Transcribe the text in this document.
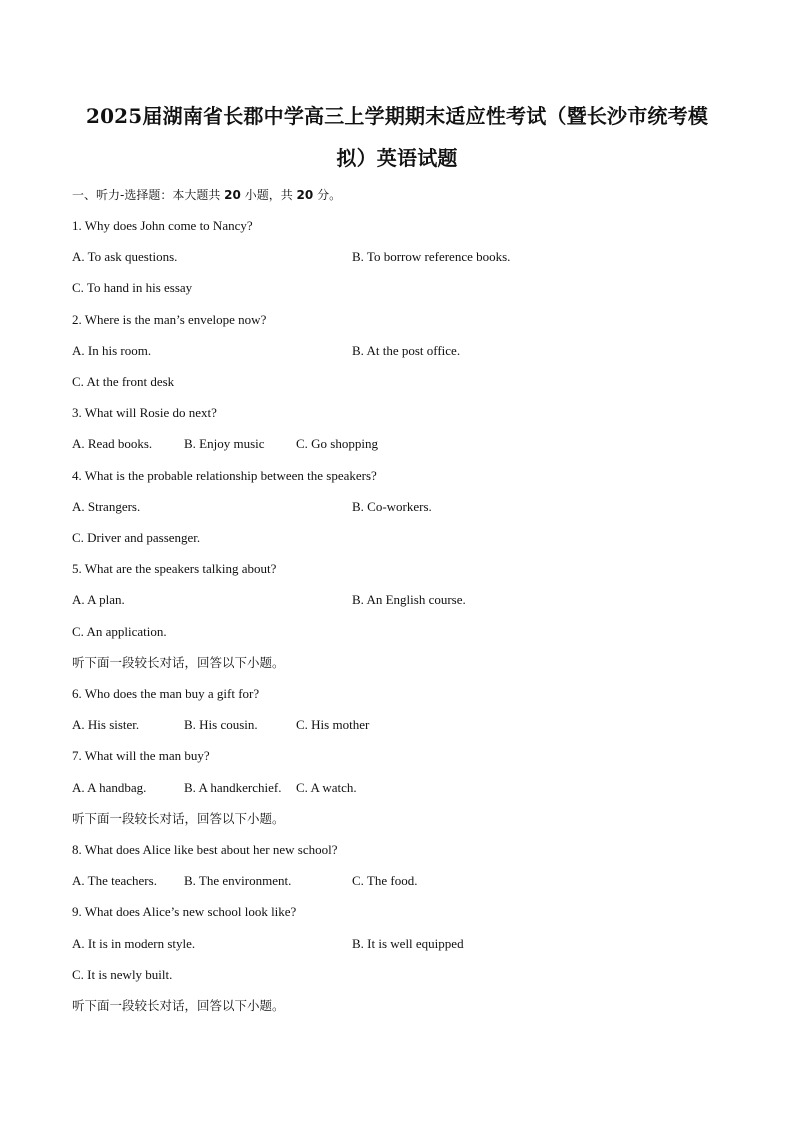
2025届湖南省长郡中学高三上学期期末适应性考试（暨长沙市统考模
拟）英语试题
一、听力-选择题：本大题共 20 小题，共 20 分。
1. Why does John come to Nancy?
A. To ask questions.	B. To borrow reference books.
C. To hand in his essay
2. Where is the man’s envelope now?
A. In his room.	B. At the post office.
C. At the front desk
3. What will Rosie do next?
A. Read books. B. Enjoy music C. Go shopping
4. What is the probable relationship between the speakers?
A. Strangers.	B. Co-workers.
C. Driver and passenger.
5. What are the speakers talking about?
A. A plan.	B. An English course.
C. An application.
听下面一段较长对话，回答以下小题。
6. Who does the man buy a gift for?
A. His sister.	B. His cousin.	C. His mother
7. What will the man buy?
A. A handbag.	B. A handkerchief. C. A watch.
听下面一段较长对话，回答以下小题。
8. What does Alice like best about her new school?
A. The teachers. B. The environment.	C. The food.
9. What does Alice’s new school look like?
A. It is in modern style.	B. It is well equipped
C. It is newly built.
听下面一段较长对话，回答以下小题。
